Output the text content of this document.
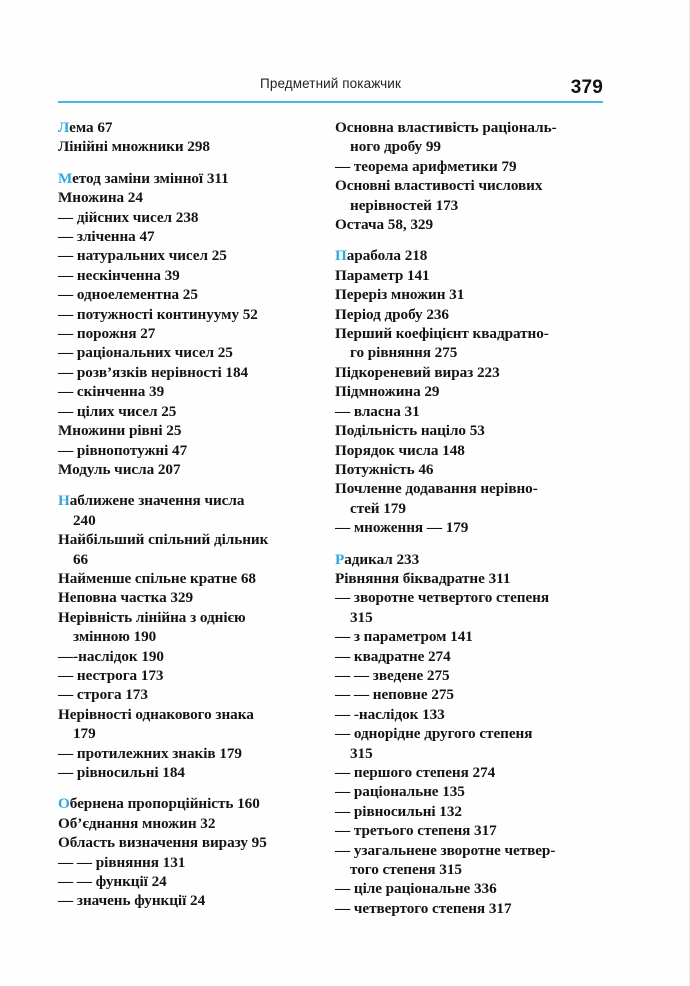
Предметний покажчик	379
Лема 67
Лінійні множники 298
Метод заміни змінної 311
Множина 24
— дійсних чисел 238
— зліченна 47
— натуральних чисел 25
— нескінченна 39
— одноелементна 25
— потужності континууму 52
— порожня 27
— раціональних чисел 25
— розв’язків нерівності 184
— скінченна 39
— цілих чисел 25
Множини рівні 25
— рівнопотужні 47
Модуль числа 207
Наближене значення числа
240
Найбільший спільний дільник
66
Найменше спільне кратне 68
Неповна частка 329
Нерівність лінійна з однією
змінною 190
—-наслідок 190
— нестрога 173
— строга 173
Нерівності однакового знака
179
— протилежних знаків 179
— рівносильні 184
Обернена пропорційність 160
Об’єднання множин 32
Область визначення виразу 95
— — рівняння 131
— — функції 24
— значень функції 24
Основна властивість раціональ-
ного дробу 99
— теорема арифметики 79
Основні властивості числових
нерівностей 173
Остача 58, 329
Парабола 218
Параметр 141
Переріз множин 31
Період дробу 236
Перший коефіцієнт квадратно-
го рівняння 275
Підкореневий вираз 223
Підмножина 29
— власна 31
Подільність націло 53
Порядок числа 148
Потужність 46
Почленне додавання нерівно-
стей 179
— множення — 179
Радикал 233
Рівняння біквадратне 311
— зворотне четвертого степеня
315
— з параметром 141
— квадратне 274
— — зведене 275
— — неповне 275
— -наслідок 133
— однорідне другого степеня
315
— першого степеня 274
— раціональне 135
— рівносильні 132
— третього степеня 317
— узагальнене зворотне четвер-
того степеня 315
— ціле раціональне 336
— четвертого степеня 317
